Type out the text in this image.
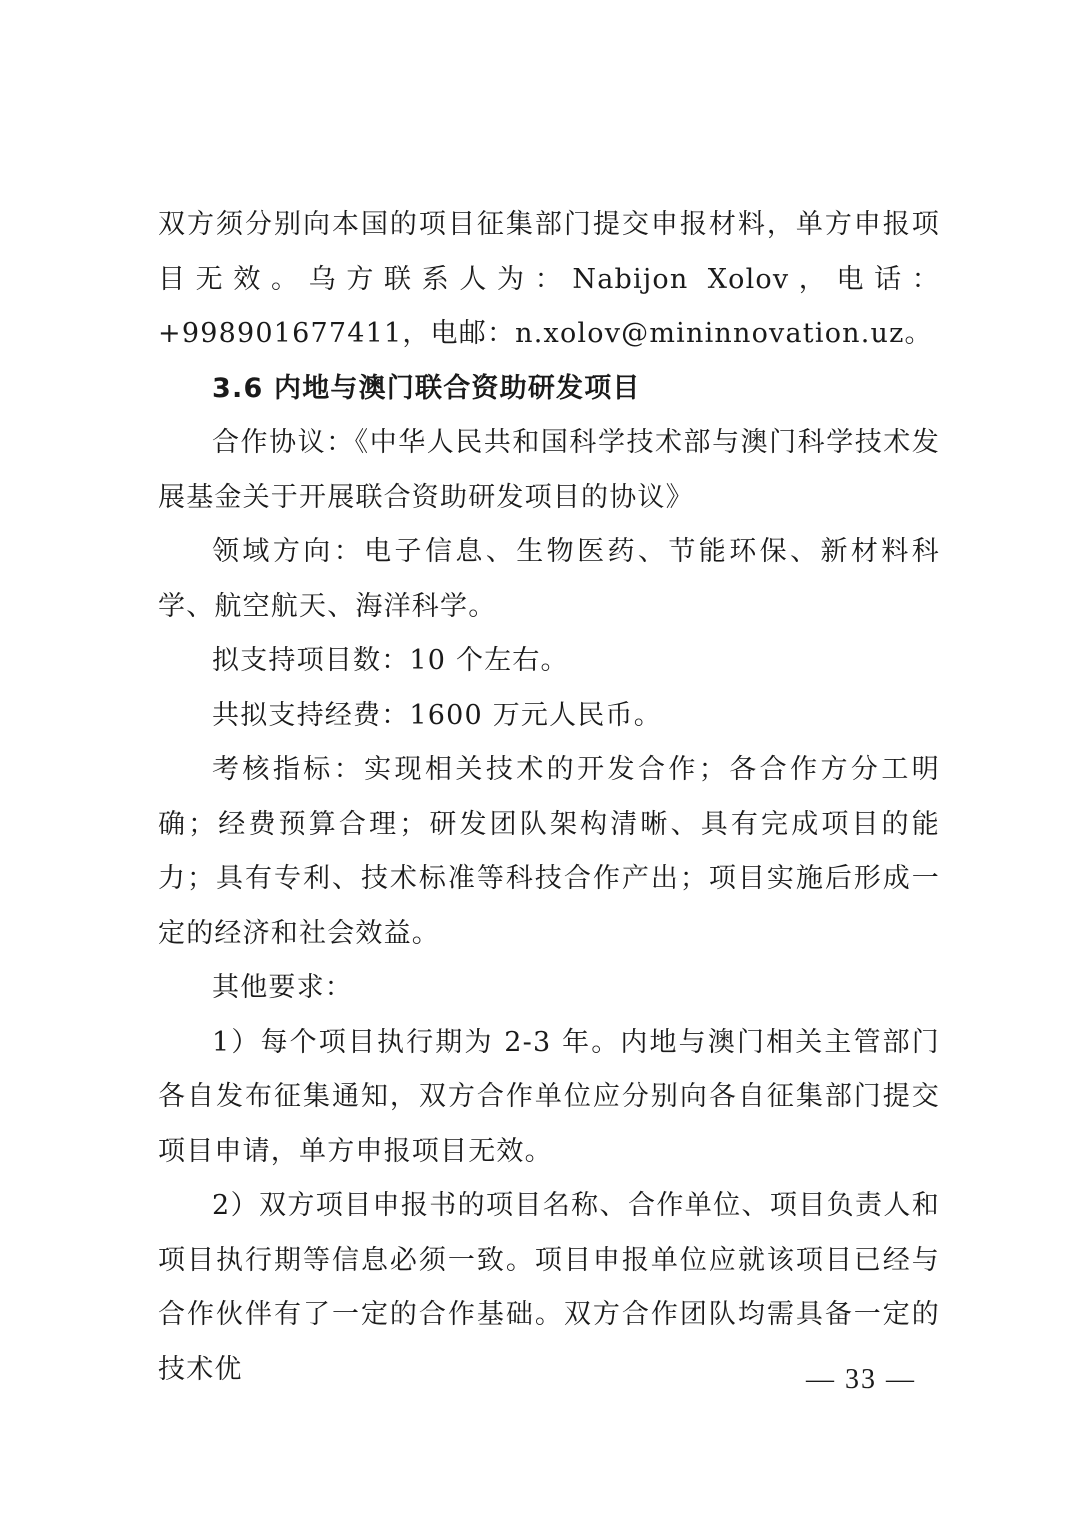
双方须分别向本国的项目征集部门提交申报材料，单方申报项目无效。乌方联系人为：Nabijon Xolov，电话：+998901677411，电邮：n.xolov@mininnovation.uz。

3.6 内地与澳门联合资助研发项目

合作协议：《中华人民共和国科学技术部与澳门科学技术发展基金关于开展联合资助研发项目的协议》

领域方向：电子信息、生物医药、节能环保、新材料科学、航空航天、海洋科学。

拟支持项目数：10 个左右。

共拟支持经费：1600 万元人民币。

考核指标：实现相关技术的开发合作；各合作方分工明确；经费预算合理；研发团队架构清晰、具有完成项目的能力；具有专利、技术标准等科技合作产出；项目实施后形成一定的经济和社会效益。

其他要求：

1）每个项目执行期为 2-3 年。内地与澳门相关主管部门各自发布征集通知，双方合作单位应分别向各自征集部门提交项目申请，单方申报项目无效。

2）双方项目申报书的项目名称、合作单位、项目负责人和项目执行期等信息必须一致。项目申报单位应就该项目已经与合作伙伴有了一定的合作基础。双方合作团队均需具备一定的技术优	— 33 —
